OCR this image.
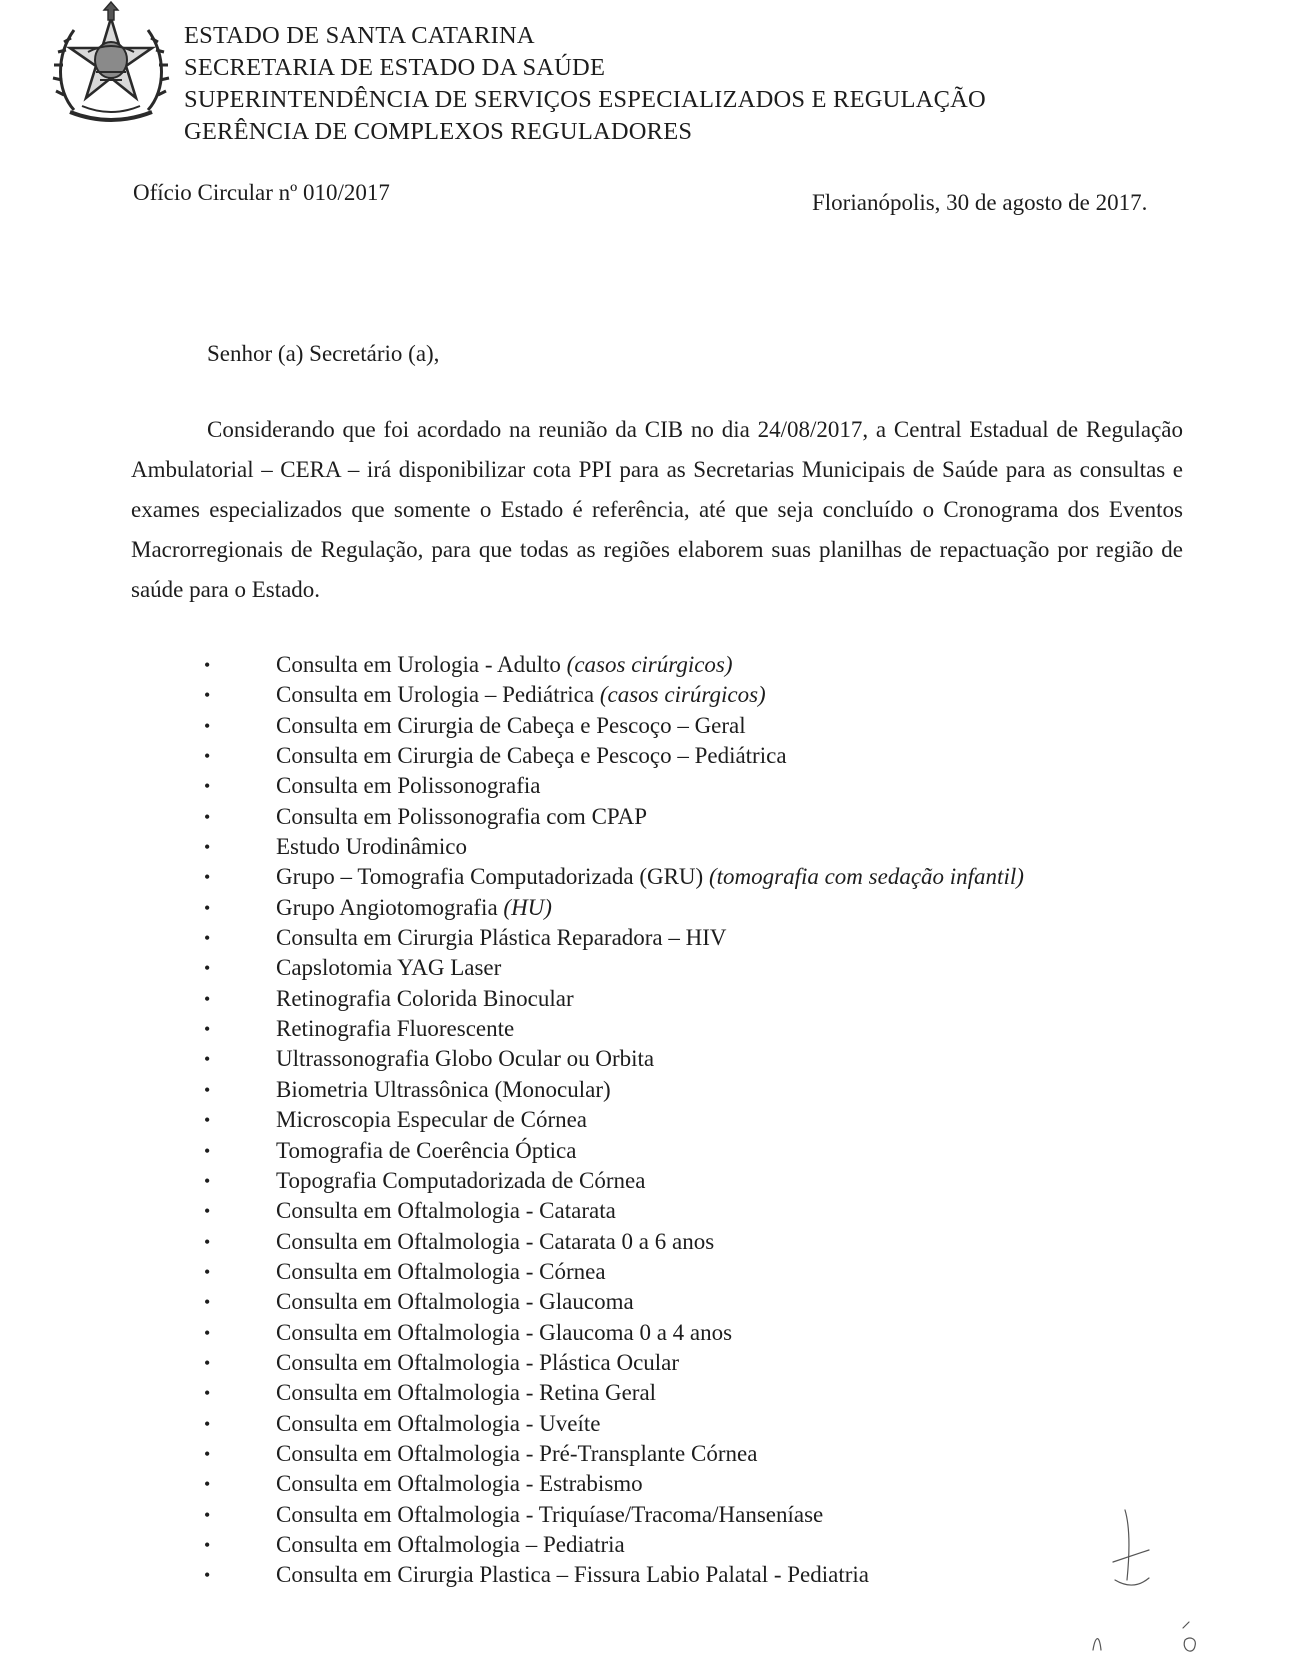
ESTADO DE SANTA CATARINA
SECRETARIA DE ESTADO DA SAÚDE
SUPERINTENDÊNCIA DE SERVIÇOS ESPECIALIZADOS E REGULAÇÃO
GERÊNCIA DE COMPLEXOS REGULADORES
Ofício Circular nº 010/2017	Florianópolis, 30 de agosto de 2017.
Senhor (a) Secretário (a),

Considerando que foi acordado na reunião da CIB no dia 24/08/2017, a Central Estadual de Regulação Ambulatorial – CERA – irá disponibilizar cota PPI para as Secretarias Municipais de Saúde para as consultas e exames especializados que somente o Estado é referência, até que seja concluído o Cronograma dos Eventos Macrorregionais de Regulação, para que todas as regiões elaborem suas planilhas de repactuação por região de saúde para o Estado.

•	Consulta em Urologia - Adulto (casos cirúrgicos)
•	Consulta em Urologia – Pediátrica (casos cirúrgicos)
•	Consulta em Cirurgia de Cabeça e Pescoço – Geral
•	Consulta em Cirurgia de Cabeça e Pescoço – Pediátrica
•	Consulta em Polissonografia
•	Consulta em Polissonografia com CPAP
•	Estudo Urodinâmico
•	Grupo – Tomografia Computadorizada (GRU) (tomografia com sedação infantil)
•	Grupo Angiotomografia (HU)
•	Consulta em Cirurgia Plástica Reparadora – HIV
•	Capslotomia YAG Laser
•	Retinografia Colorida Binocular
•	Retinografia Fluorescente
•	Ultrassonografia Globo Ocular ou Orbita
•	Biometria Ultrassônica (Monocular)
•	Microscopia Especular de Córnea
•	Tomografia de Coerência Óptica
•	Topografia Computadorizada de Córnea
•	Consulta em Oftalmologia - Catarata
•	Consulta em Oftalmologia - Catarata 0 a 6 anos
•	Consulta em Oftalmologia - Córnea
•	Consulta em Oftalmologia - Glaucoma
•	Consulta em Oftalmologia - Glaucoma 0 a 4 anos
•	Consulta em Oftalmologia - Plástica Ocular
•	Consulta em Oftalmologia - Retina Geral
•	Consulta em Oftalmologia - Uveíte
•	Consulta em Oftalmologia - Pré-Transplante Córnea
•	Consulta em Oftalmologia - Estrabismo
•	Consulta em Oftalmologia - Triquíase/Tracoma/Hanseníase
•	Consulta em Oftalmologia – Pediatria
•	Consulta em Cirurgia Plastica – Fissura Labio Palatal - Pediatria
